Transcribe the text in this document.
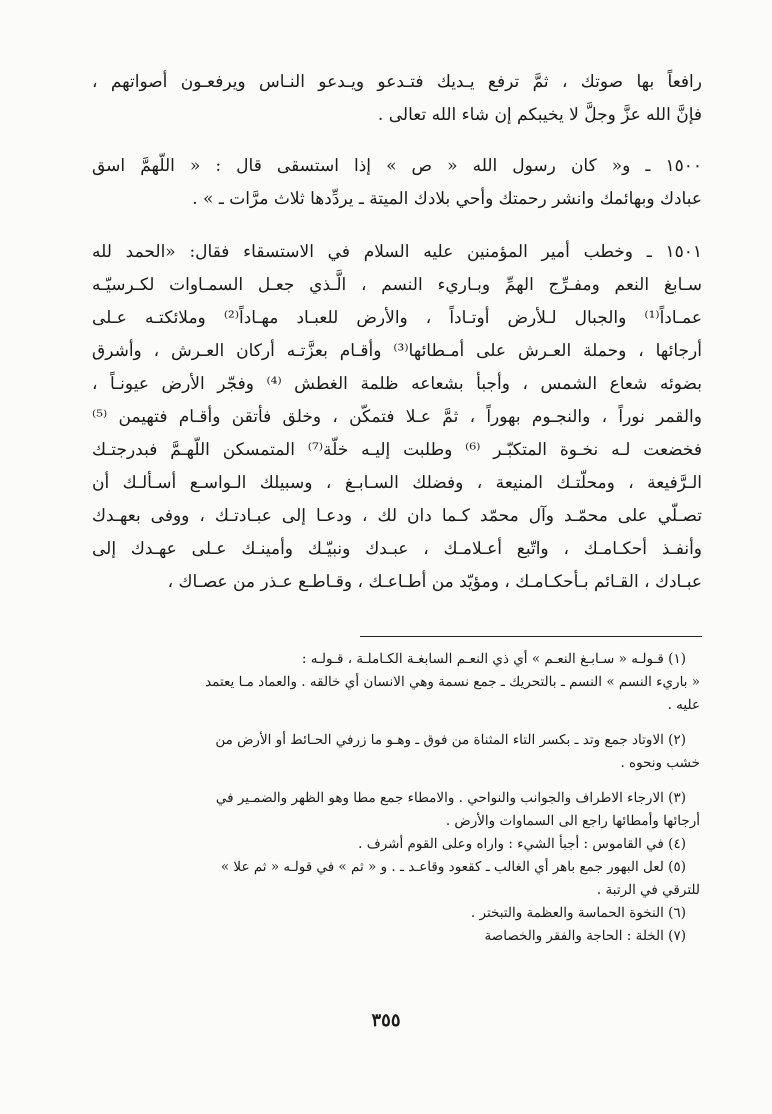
رافعاً بها صوتك ، ثمَّ ترفع يـديك فتـدعو ويـدعو النـاس ويرفعـون أصواتهم ،

فإنَّ الله عزَّ وجلَّ لا يخيبكم إن شاء الله تعالى .

١٥٠٠ ـ و« كان رسول الله « ص » إذا استسقى قال : « اللّهمَّ اسق

عبادك وبهائمك وانشر رحمتك وأحي بلادك الميتة ـ يردِّدها ثلاث مرَّات ـ » .

١٥٠١ ـ وخطب أمير المؤمنين عليه السلام في الاستسقاء فقال: «الحمد لله

سـابغ النعم ومفـرِّج الهمِّ وبـاريء النسم ، الَّـذي جعـل السمـاوات لكـرسيّـه

عمـاداً⁽¹⁾ والجبال لـلأرض أوتـاداً ، والأرض للعبـاد مهـاداً⁽²⁾ وملائكتـه عـلى

أرجائها ، وحملة العـرش على أمـطائها⁽³⁾ وأقـام بعزَّتـه أركان العـرش ، وأشرق

بضوئه شعاع الشمس ، وأجبأ بشعاعه ظلمة الغطش ⁽⁴⁾ وفجّر الأرض عيونـاً ،

والقمر نوراً ، والنجـوم بهوراً ، ثمَّ عـلا فتمكّن ، وخلق فأتقن وأقـام فتهيمن ⁽⁵⁾

فخضعت لـه نخـوة المتكبّـر ⁽⁶⁾ وطلبت إليـه خلّة⁽⁷⁾ المتمسكن اللّهـمَّ فبدرجتـك

الـرَّفيعة ، ومحلّتـك المنيعة ، وفضلك السـابـغ ، وسبيلك الـواسـع أسـألـك أن

تصـلّي على محمّـد وآل محمّد كـما دان لك ، ودعـا إلى عبـادتـك ، ووفى بعهـدك

وأنفـذ أحكـامـك ، واتّبع أعـلامـك ، عبـدك ونبيّـك وأمينـك عـلى عهـدك إلى

عبـادك ، القـائم بـأحكـامـك ، ومؤيّد من أطـاعـك ، وقـاطـع عـذر من عصـاك ،

(١) قـولـه « سـابـغ النعـم » أي ذي النعـم السابغـة الكـاملـة ، قـولـه :

« باريء النسم » النسم ـ بالتحريك ـ جمع نسمة وهي الانسان أي خالقه . والعماد مـا يعتمد

عليه .

(٢) الاوتاد جمع وتد ـ بكسر التاء المثناة من فوق ـ وهـو ما زرفي الحـائط أو الأرض من

خشب ونحوه .

(٣) الارجاء الاطراف والجوانب والنواحي . والامطاء جمع مطا وهو الظهر والضمـير في

أرجائها وأمطائها راجع الى السماوات والأرض .

(٤) في القاموس : أجبأ الشيء : واراه وعلى القوم أشرف .

(٥) لعل البهور جمع باهر أي الغالب ـ كقعود وقاعـد ـ . و « ثم » في قولـه « ثم علا »

للترقي في الرتبة .

(٦) النخوة الحماسة والعظمة والتبختر .

(٧) الخلة : الحاجة والفقر والخصاصة

٣٥٥
